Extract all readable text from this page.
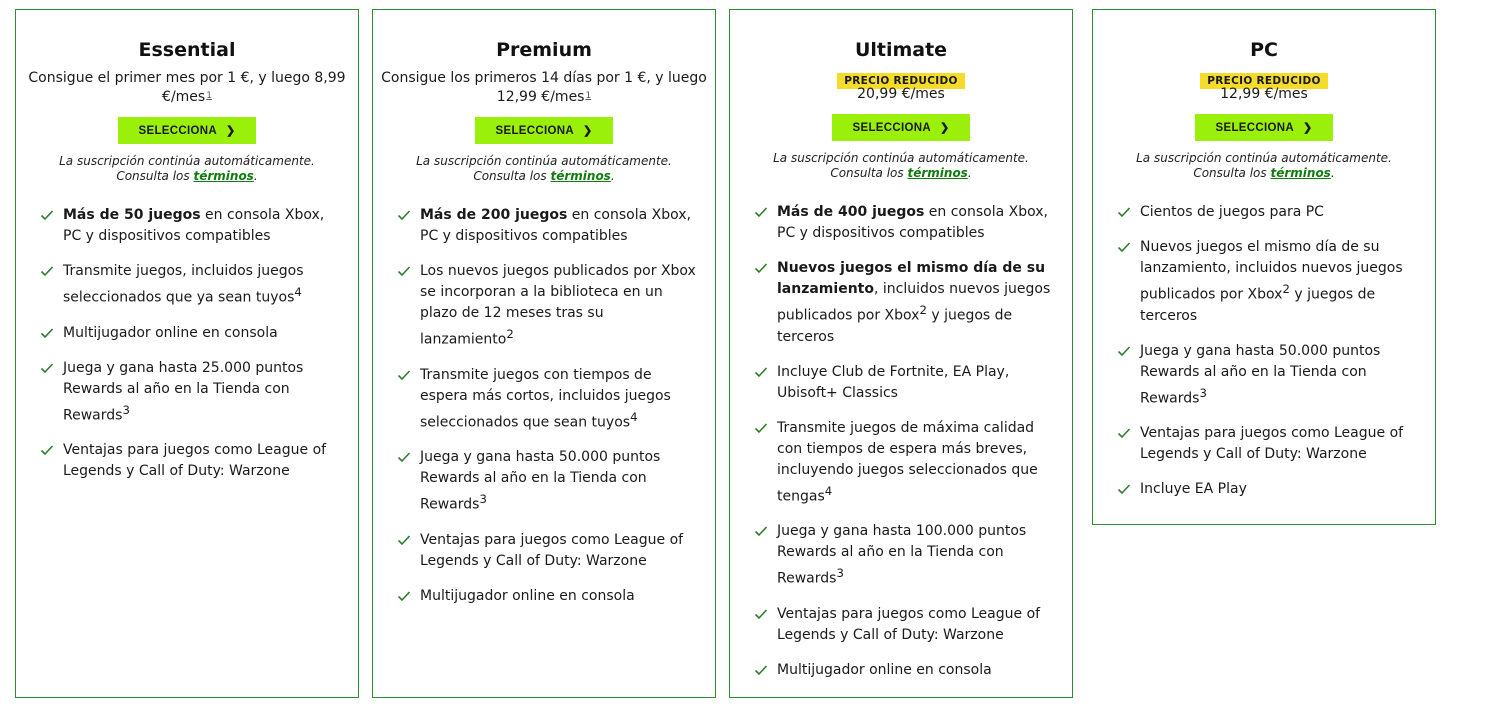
Essential
Consigue el primer mes por 1 €, y luego 8,99 €/mes$^1$
SELECCIONA ❯
La suscripción continúa automáticamente.
Consulta los términos.
Más de 50 juegos en consola Xbox, PC y dispositivos compatibles
Transmite juegos, incluidos juegos seleccionados que ya sean tuyos$^4$
Multijugador online en consola
Juega y gana hasta 25.000 puntos Rewards al año en la Tienda con Rewards$^3$
Ventajas para juegos como League of Legends y Call of Duty: Warzone
Premium
Consigue los primeros 14 días por 1 €, y luego 12,99 €/mes$^1$
SELECCIONA ❯
La suscripción continúa automáticamente.
Consulta los términos.
Más de 200 juegos en consola Xbox, PC y dispositivos compatibles
Los nuevos juegos publicados por Xbox se incorporan a la biblioteca en un plazo de 12 meses tras su lanzamiento$^2$
Transmite juegos con tiempos de espera más cortos, incluidos juegos seleccionados que sean tuyos$^4$
Juega y gana hasta 50.000 puntos Rewards al año en la Tienda con Rewards$^3$
Ventajas para juegos como League of Legends y Call of Duty: Warzone
Multijugador online en consola
Ultimate
PRECIO REDUCIDO
20,99 €/mes
SELECCIONA ❯
La suscripción continúa automáticamente.
Consulta los términos.
Más de 400 juegos en consola Xbox, PC y dispositivos compatibles
Nuevos juegos el mismo día de su lanzamiento, incluidos nuevos juegos publicados por Xbox$^2$ y juegos de terceros
Incluye Club de Fortnite, EA Play, Ubisoft+ Classics
Transmite juegos de máxima calidad con tiempos de espera más breves, incluyendo juegos seleccionados que tengas$^4$
Juega y gana hasta 100.000 puntos Rewards al año en la Tienda con Rewards$^3$
Ventajas para juegos como League of Legends y Call of Duty: Warzone
Multijugador online en consola
PC
PRECIO REDUCIDO
12,99 €/mes
SELECCIONA ❯
La suscripción continúa automáticamente.
Consulta los términos.
Cientos de juegos para PC
Nuevos juegos el mismo día de su lanzamiento, incluidos nuevos juegos publicados por Xbox$^2$ y juegos de terceros
Juega y gana hasta 50.000 puntos Rewards al año en la Tienda con Rewards$^3$
Ventajas para juegos como League of Legends y Call of Duty: Warzone
Incluye EA Play
